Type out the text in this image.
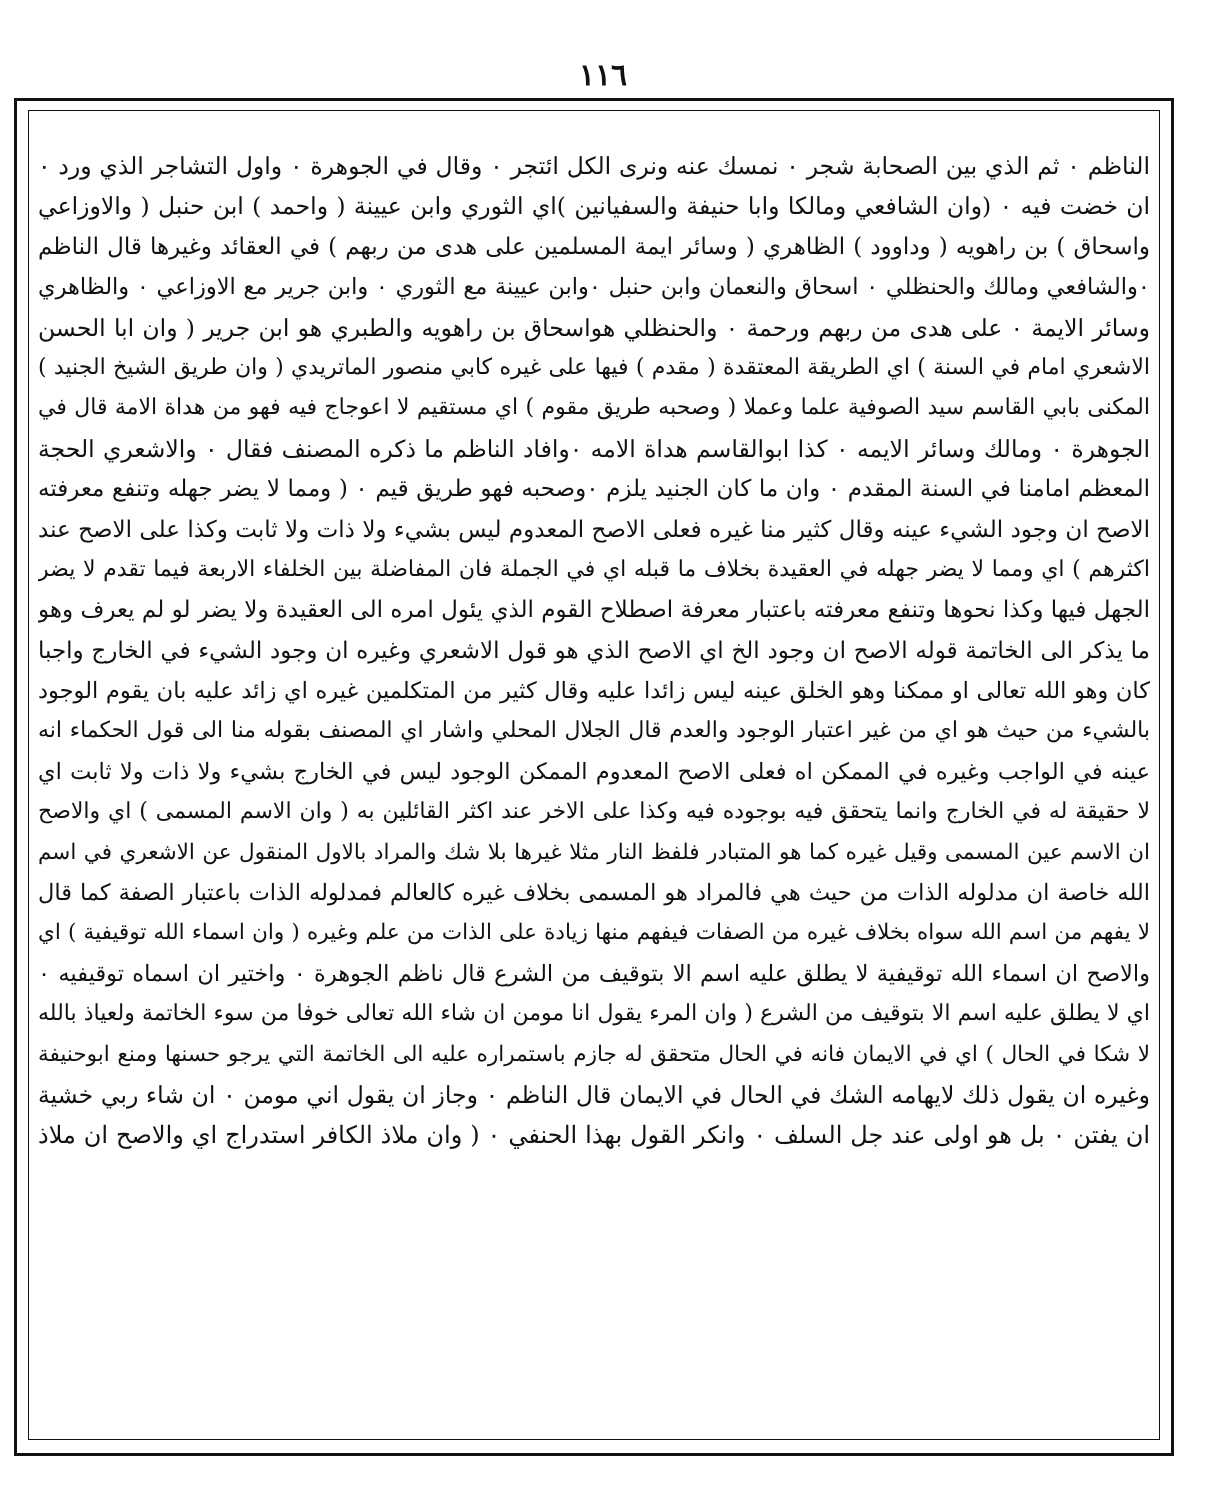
١١٦
الناظم ٠ ثم الذي بين الصحابة شجر ٠ نمسك عنه ونرى الكل ائتجر ٠ وقال في الجوهرة ٠ واول التشاجر الذي ورد ٠
ان خضت فيه ٠ (وان الشافعي ومالكا وابا حنيفة والسفيانين )اي الثوري وابن عيينة ( واحمد ) ابن حنبل ( والاوزاعي
واسحاق ) بن راهويه ( وداوود ) الظاهري ( وسائر ايمة المسلمين على هدى من ربهم ) في العقائد وغيرها قال الناظم
٠والشافعي ومالك والحنظلي ٠ اسحاق والنعمان وابن حنبل ٠وابن عيينة مع الثوري ٠ وابن جرير مع الاوزاعي ٠ والظاهري
وسائر الايمة ٠ على هدى من ربهم ورحمة ٠ والحنظلي هواسحاق بن راهويه والطبري هو ابن جرير ( وان ابا الحسن
الاشعري امام في السنة ) اي الطريقة المعتقدة ( مقدم ) فيها على غيره كابي منصور الماتريدي ( وان طريق الشيخ الجنيد )
المكنى بابي القاسم سيد الصوفية علما وعملا ( وصحبه طريق مقوم ) اي مستقيم لا اعوجاج فيه فهو من هداة الامة قال في
الجوهرة ٠ ومالك وسائر الايمه ٠ كذا ابوالقاسم هداة الامه ٠وافاد الناظم ما ذكره المصنف فقال ٠ والاشعري الحجة
المعظم امامنا في السنة المقدم ٠ وان ما كان الجنيد يلزم ٠وصحبه فهو طريق قيم ٠ ( ومما لا يضر جهله وتنفع معرفته
الاصح ان وجود الشيء عينه وقال كثير منا غيره فعلى الاصح المعدوم ليس بشيء ولا ذات ولا ثابت وكذا على الاصح عند
اكثرهم ) اي ومما لا يضر جهله في العقيدة بخلاف ما قبله اي في الجملة فان المفاضلة بين الخلفاء الاربعة فيما تقدم لا يضر
الجهل فيها وكذا نحوها وتنفع معرفته باعتبار معرفة اصطلاح القوم الذي يئول امره الى العقيدة ولا يضر لو لم يعرف وهو
ما يذكر الى الخاتمة قوله الاصح ان وجود الخ اي الاصح الذي هو قول الاشعري وغيره ان وجود الشيء في الخارج واجبا
كان وهو الله تعالى او ممكنا وهو الخلق عينه ليس زائدا عليه وقال كثير من المتكلمين غيره اي زائد عليه بان يقوم الوجود
بالشيء من حيث هو اي من غير اعتبار الوجود والعدم قال الجلال المحلي واشار اي المصنف بقوله منا الى قول الحكماء انه
عينه في الواجب وغيره في الممكن اه فعلى الاصح المعدوم الممكن الوجود ليس في الخارج بشيء ولا ذات ولا ثابت اي
لا حقيقة له في الخارج وانما يتحقق فيه بوجوده فيه وكذا على الاخر عند اكثر القائلين به ( وان الاسم المسمى ) اي والاصح
ان الاسم عين المسمى وقيل غيره كما هو المتبادر فلفظ النار مثلا غيرها بلا شك والمراد بالاول المنقول عن الاشعري في اسم
الله خاصة ان مدلوله الذات من حيث هي فالمراد هو المسمى بخلاف غيره كالعالم فمدلوله الذات باعتبار الصفة كما قال
لا يفهم من اسم الله سواه بخلاف غيره من الصفات فيفهم منها زيادة على الذات من علم وغيره ( وان اسماء الله توقيفية ) اي
والاصح ان اسماء الله توقيفية لا يطلق عليه اسم الا بتوقيف من الشرع قال ناظم الجوهرة ٠ واختير ان اسماه توقيفيه ٠
اي لا يطلق عليه اسم الا بتوقيف من الشرع ( وان المرء يقول انا مومن ان شاء الله تعالى خوفا من سوء الخاتمة ولعياذ بالله
لا شكا في الحال ) اي في الايمان فانه في الحال متحقق له جازم باستمراره عليه الى الخاتمة التي يرجو حسنها ومنع ابوحنيفة
وغيره ان يقول ذلك لايهامه الشك في الحال في الايمان قال الناظم ٠ وجاز ان يقول اني مومن ٠ ان شاء ربي خشية
ان يفتن ٠ بل هو اولى عند جل السلف ٠ وانكر القول بهذا الحنفي ٠ ( وان ملاذ الكافر استدراج اي والاصح ان ملاذ
